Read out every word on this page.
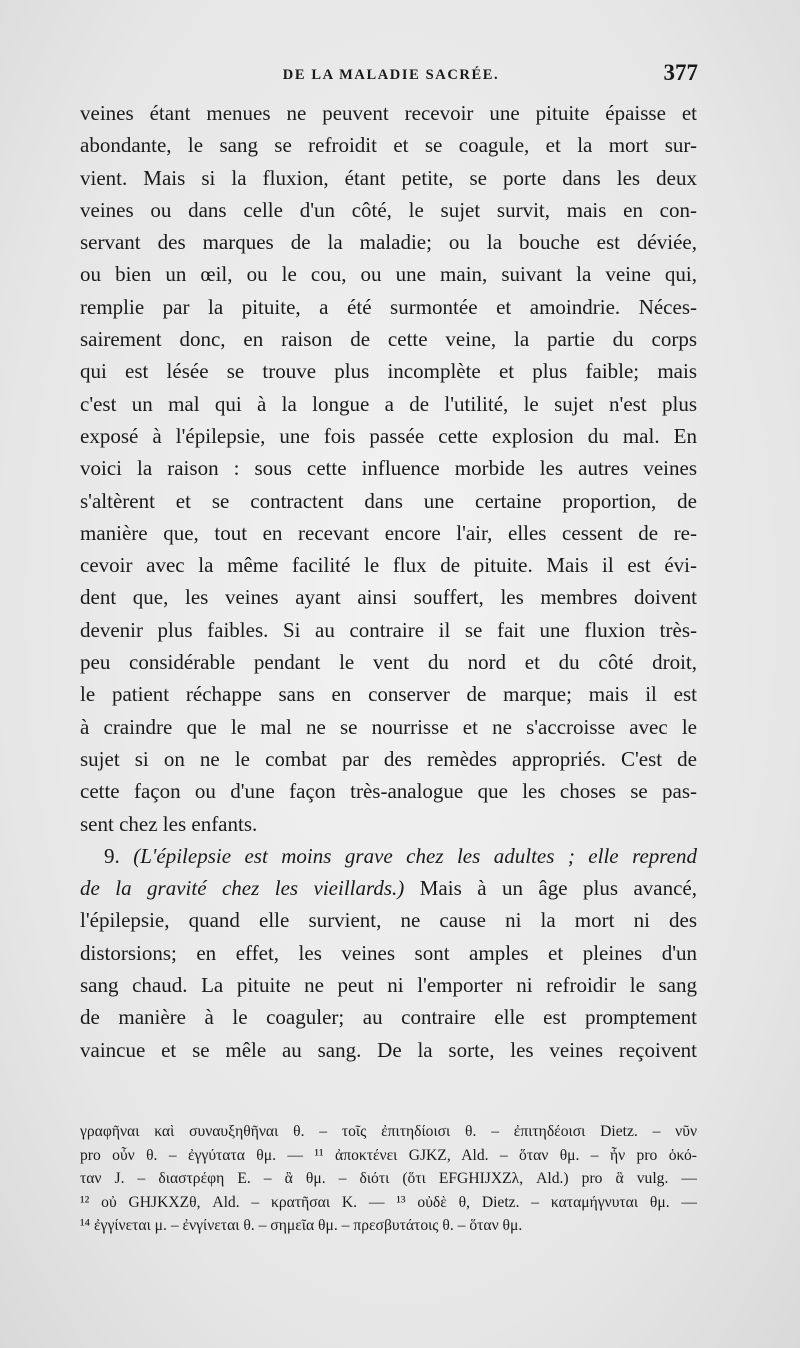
DE LA MALADIE SACRÉE.	377
veines étant menues ne peuvent recevoir une pituite épaisse et
abondante, le sang se refroidit et se coagule, et la mort sur-
vient. Mais si la fluxion, étant petite, se porte dans les deux
veines ou dans celle d'un côté, le sujet survit, mais en con-
servant des marques de la maladie; ou la bouche est déviée,
ou bien un œil, ou le cou, ou une main, suivant la veine qui,
remplie par la pituite, a été surmontée et amoindrie. Néces-
sairement donc, en raison de cette veine, la partie du corps
qui est lésée se trouve plus incomplète et plus faible; mais
c'est un mal qui à la longue a de l'utilité, le sujet n'est plus
exposé à l'épilepsie, une fois passée cette explosion du mal. En
voici la raison : sous cette influence morbide les autres veines
s'altèrent et se contractent dans une certaine proportion, de
manière que, tout en recevant encore l'air, elles cessent de re-
cevoir avec la même facilité le flux de pituite. Mais il est évi-
dent que, les veines ayant ainsi souffert, les membres doivent
devenir plus faibles. Si au contraire il se fait une fluxion très-
peu considérable pendant le vent du nord et du côté droit,
le patient réchappe sans en conserver de marque; mais il est
à craindre que le mal ne se nourrisse et ne s'accroisse avec le
sujet si on ne le combat par des remèdes appropriés. C'est de
cette façon ou d'une façon très-analogue que les choses se pas-
sent chez les enfants.
9. (L'épilepsie est moins grave chez les adultes ; elle reprend
de la gravité chez les vieillards.) Mais à un âge plus avancé,
l'épilepsie, quand elle survient, ne cause ni la mort ni des
distorsions; en effet, les veines sont amples et pleines d'un
sang chaud. La pituite ne peut ni l'emporter ni refroidir le sang
de manière à le coaguler; au contraire elle est promptement
vaincue et se mêle au sang. De la sorte, les veines reçoivent
γραφῆναι καὶ συναυξηθῆναι θ. – τοῖς ἐπιτηδίοισι θ. – ἐπιτηδέοισι Dietz. – νῦν
pro οὖν θ. – ἐγγύτατα θμ. — ¹¹ ἀποκτένει GJKZ, Ald. – ὅταν θμ. – ἦν pro ὁκό-
ταν J. – διαστρέφη E. – ἃ θμ. – διότι (ὅτι EFGHIJXZλ, Ald.) pro ἃ vulg. —
¹² οὐ GHJKXZθ, Ald. – κρατῆσαι K. — ¹³ οὐδὲ θ, Dietz. – καταμήγνυται θμ. —
¹⁴ ἐγγίνεται μ. – ἐνγίνεται θ. – σημεῖα θμ. – πρεσβυτάτοις θ. – ὅταν θμ.
